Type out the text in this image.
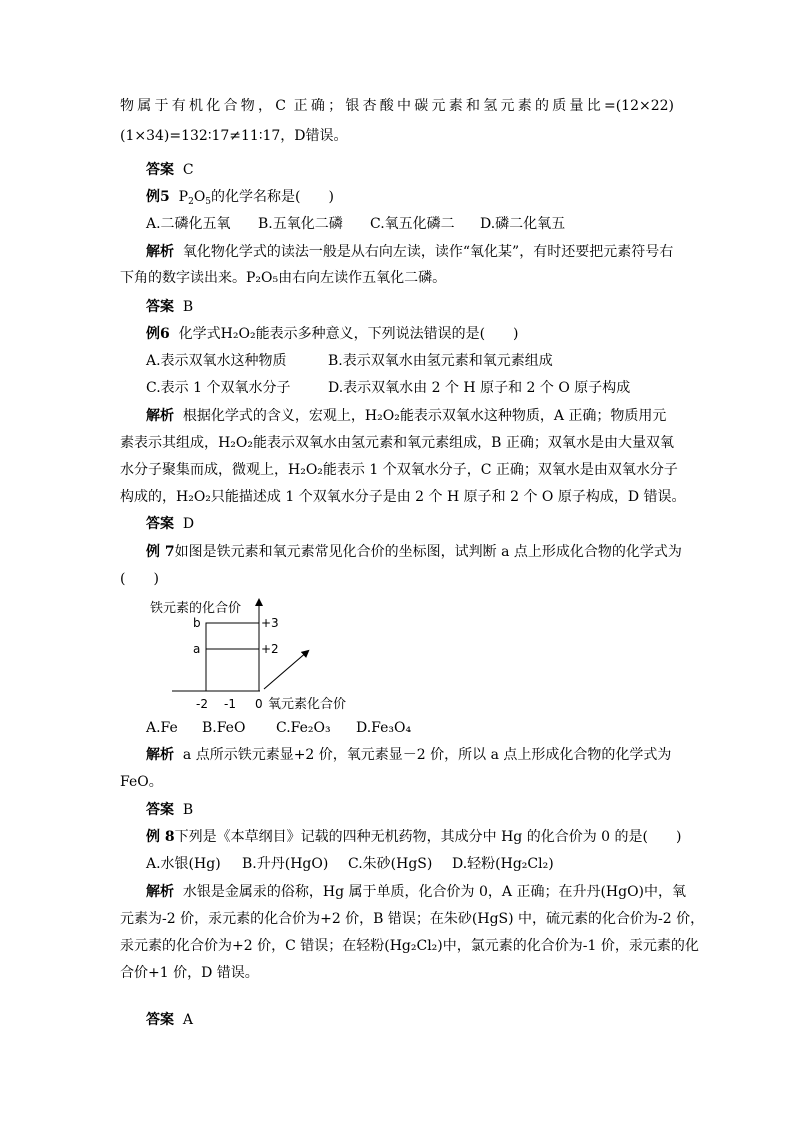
物属于有机化合物，C 正确；银杏酸中碳元素和氢元素的质量比=(12×22)
(1×34)=132∶17≠11∶17，D错误。
答案 C
例5 $P_2O_5$的化学名称是(　　)
A.二磷化五氧 B.五氧化二磷 C.氧五化磷二 D.磷二化氧五
解析 氧化物化学式的读法一般是从右向左读，读作“氧化某”，有时还要把元素符号右
下角的数字读出来。P₂O₅由右向左读作五氧化二磷。
答案 B
例6 化学式H₂O₂能表示多种意义，下列说法错误的是(　　)
A.表示双氧水这种物质	B.表示双氧水由氢元素和氧元素组成
C.表示 1 个双氧水分子	D.表示双氧水由 2 个 H 原子和 2 个 O 原子构成
解析 根据化学式的含义，宏观上，H₂O₂能表示双氧水这种物质，A 正确；物质用元
素表示其组成，H₂O₂能表示双氧水由氢元素和氧元素组成，B 正确；双氧水是由大量双氧
水分子聚集而成，微观上，H₂O₂能表示 1 个双氧水分子，C 正确；双氧水是由双氧水分子
构成的，H₂O₂只能描述成 1 个双氧水分子是由 2 个 H 原子和 2 个 O 原子构成，D 错误。
答案 D
例 7如图是铁元素和氧元素常见化合价的坐标图，试判断 a 点上形成化合物的化学式为
(　　)
铁元素的化合价
b
a
+3
+2
-2 -1 0 氧元素化合价
A.Fe B.FeO C.Fe₂O₃ D.Fe₃O₄
解析 a 点所示铁元素显+2 价，氧元素显－2 价，所以 a 点上形成化合物的化学式为
FeO。
答案 B
例 8下列是《本草纲目》记载的四种无机药物，其成分中 Hg 的化合价为 0 的是(　　)
A.水银(Hg) B.升丹(HgO) C.朱砂(HgS) D.轻粉(Hg₂Cl₂)
解析 水银是金属汞的俗称，Hg 属于单质，化合价为 0，A 正确；在升丹(HgO)中，氧
元素为-2 价，汞元素的化合价为+2 价，B 错误；在朱砂(HgS) 中，硫元素的化合价为-2 价，
汞元素的化合价为+2 价，C 错误；在轻粉(Hg₂Cl₂)中，氯元素的化合价为-1 价，汞元素的化
合价+1 价，D 错误。
答案 A
